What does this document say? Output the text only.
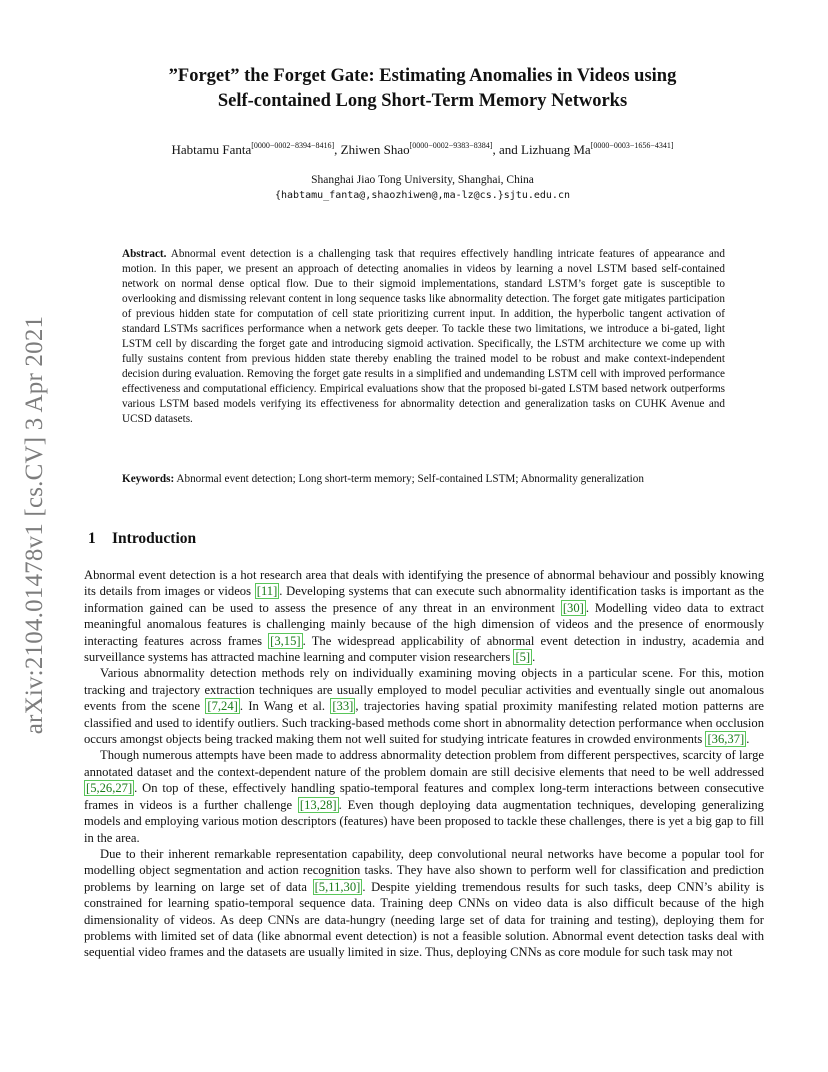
arXiv:2104.01478v1 [cs.CV] 3 Apr 2021
”Forget” the Forget Gate: Estimating Anomalies in Videos using
Self-contained Long Short-Term Memory Networks
Habtamu Fanta[0000−0002−8394−8416], Zhiwen Shao[0000−0002−9383−8384], and Lizhuang Ma[0000−0003−1656−4341]
Shanghai Jiao Tong University, Shanghai, China
{habtamu_fanta@,shaozhiwen@,ma-lz@cs.}sjtu.edu.cn

Abstract. Abnormal event detection is a challenging task that requires effectively handling intricate features of appearance and motion. In this paper, we present an approach of detecting anomalies in videos by learning a novel LSTM based self-contained network on normal dense optical flow. Due to their sigmoid implementations, standard LSTM’s forget gate is susceptible to overlooking and dismissing relevant content in long sequence tasks like abnormality detection. The forget gate mitigates participation of previous hidden state for computation of cell state prioritizing current input. In addition, the hyperbolic tangent activation of standard LSTMs sacrifices performance when a network gets deeper. To tackle these two limitations, we introduce a bi-gated, light LSTM cell by discarding the forget gate and introducing sigmoid activation. Specifically, the LSTM architecture we come up with fully sustains content from previous hidden state thereby enabling the trained model to be robust and make context-independent decision during evaluation. Removing the forget gate results in a simplified and undemanding LSTM cell with improved performance effectiveness and computational efficiency. Empirical evaluations show that the proposed bi-gated LSTM based network outperforms various LSTM based models verifying its effectiveness for abnormality detection and generalization tasks on CUHK Avenue and UCSD datasets.

Keywords: Abnormal event detection; Long short-term memory; Self-contained LSTM; Abnormality generalization

1 Introduction

Abnormal event detection is a hot research area that deals with identifying the presence of abnormal behaviour and possibly knowing its details from images or videos [11] . Developing systems that can execute such abnormality identification tasks is important as the information gained can be used to assess the presence of any threat in an environment [30] . Modelling video data to extract meaningful anomalous features is challenging mainly because of the high dimension of videos and the presence of enormously interacting features across frames [3,15] . The widespread applicability of abnormal event detection in industry, academia and surveillance systems has attracted machine learning and computer vision researchers [5] .

Various abnormality detection methods rely on individually examining moving objects in a particular scene. For this, motion tracking and trajectory extraction techniques are usually employed to model peculiar activities and eventually single out anomalous events from the scene [7,24] . In Wang et al. [33] , trajectories having spatial proximity manifesting related motion patterns are classified and used to identify outliers. Such tracking-based methods come short in abnormality detection performance when occlusion occurs amongst objects being tracked making them not well suited for studying intricate features in crowded environments [36,37] .

Though numerous attempts have been made to address abnormality detection problem from different perspectives, scarcity of large annotated dataset and the context-dependent nature of the problem domain are still decisive elements that need to be well addressed [5,26,27] . On top of these, effectively handling spatio-temporal features and complex long-term interactions between consecutive frames in videos is a further challenge [13,28] . Even though deploying data augmentation techniques, developing generalizing models and employing various motion descriptors (features) have been proposed to tackle these challenges, there is yet a big gap to fill in the area.

Due to their inherent remarkable representation capability, deep convolutional neural networks have become a popular tool for modelling object segmentation and action recognition tasks. They have also shown to perform well for classification and prediction problems by learning on large set of data [5,11,30] . Despite yielding tremendous results for such tasks, deep CNN’s ability is constrained for learning spatio-temporal sequence data. Training deep CNNs on video data is also difficult because of the high dimensionality of videos. As deep CNNs are data-hungry (needing large set of data for training and testing), deploying them for problems with limited set of data (like abnormal event detection) is not a feasible solution. Abnormal event detection tasks deal with sequential video frames and the datasets are usually limited in size. Thus, deploying CNNs as core module for such task may not
